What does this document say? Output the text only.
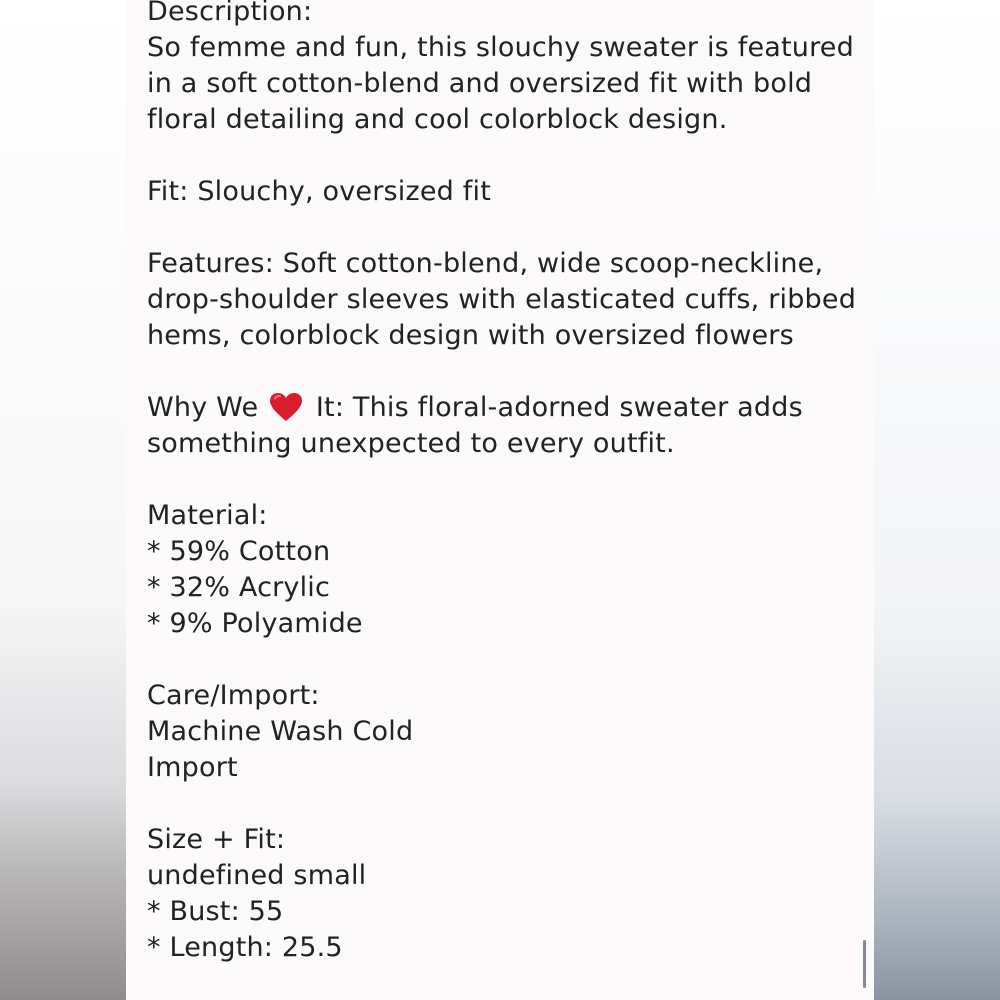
Description:
So femme and fun, this slouchy sweater is featured
in a soft cotton-blend and oversized fit with bold
floral detailing and cool colorblock design.
Fit: Slouchy, oversized fit
Features: Soft cotton-blend, wide scoop-neckline,
drop-shoulder sleeves with elasticated cuffs, ribbed
hems, colorblock design with oversized flowers
Why We It: This floral-adorned sweater adds
something unexpected to every outfit.
Material:
* 59% Cotton
* 32% Acrylic
* 9% Polyamide
Care/Import:
Machine Wash Cold
Import
Size + Fit:
undefined small
* Bust: 55
* Length: 25.5
